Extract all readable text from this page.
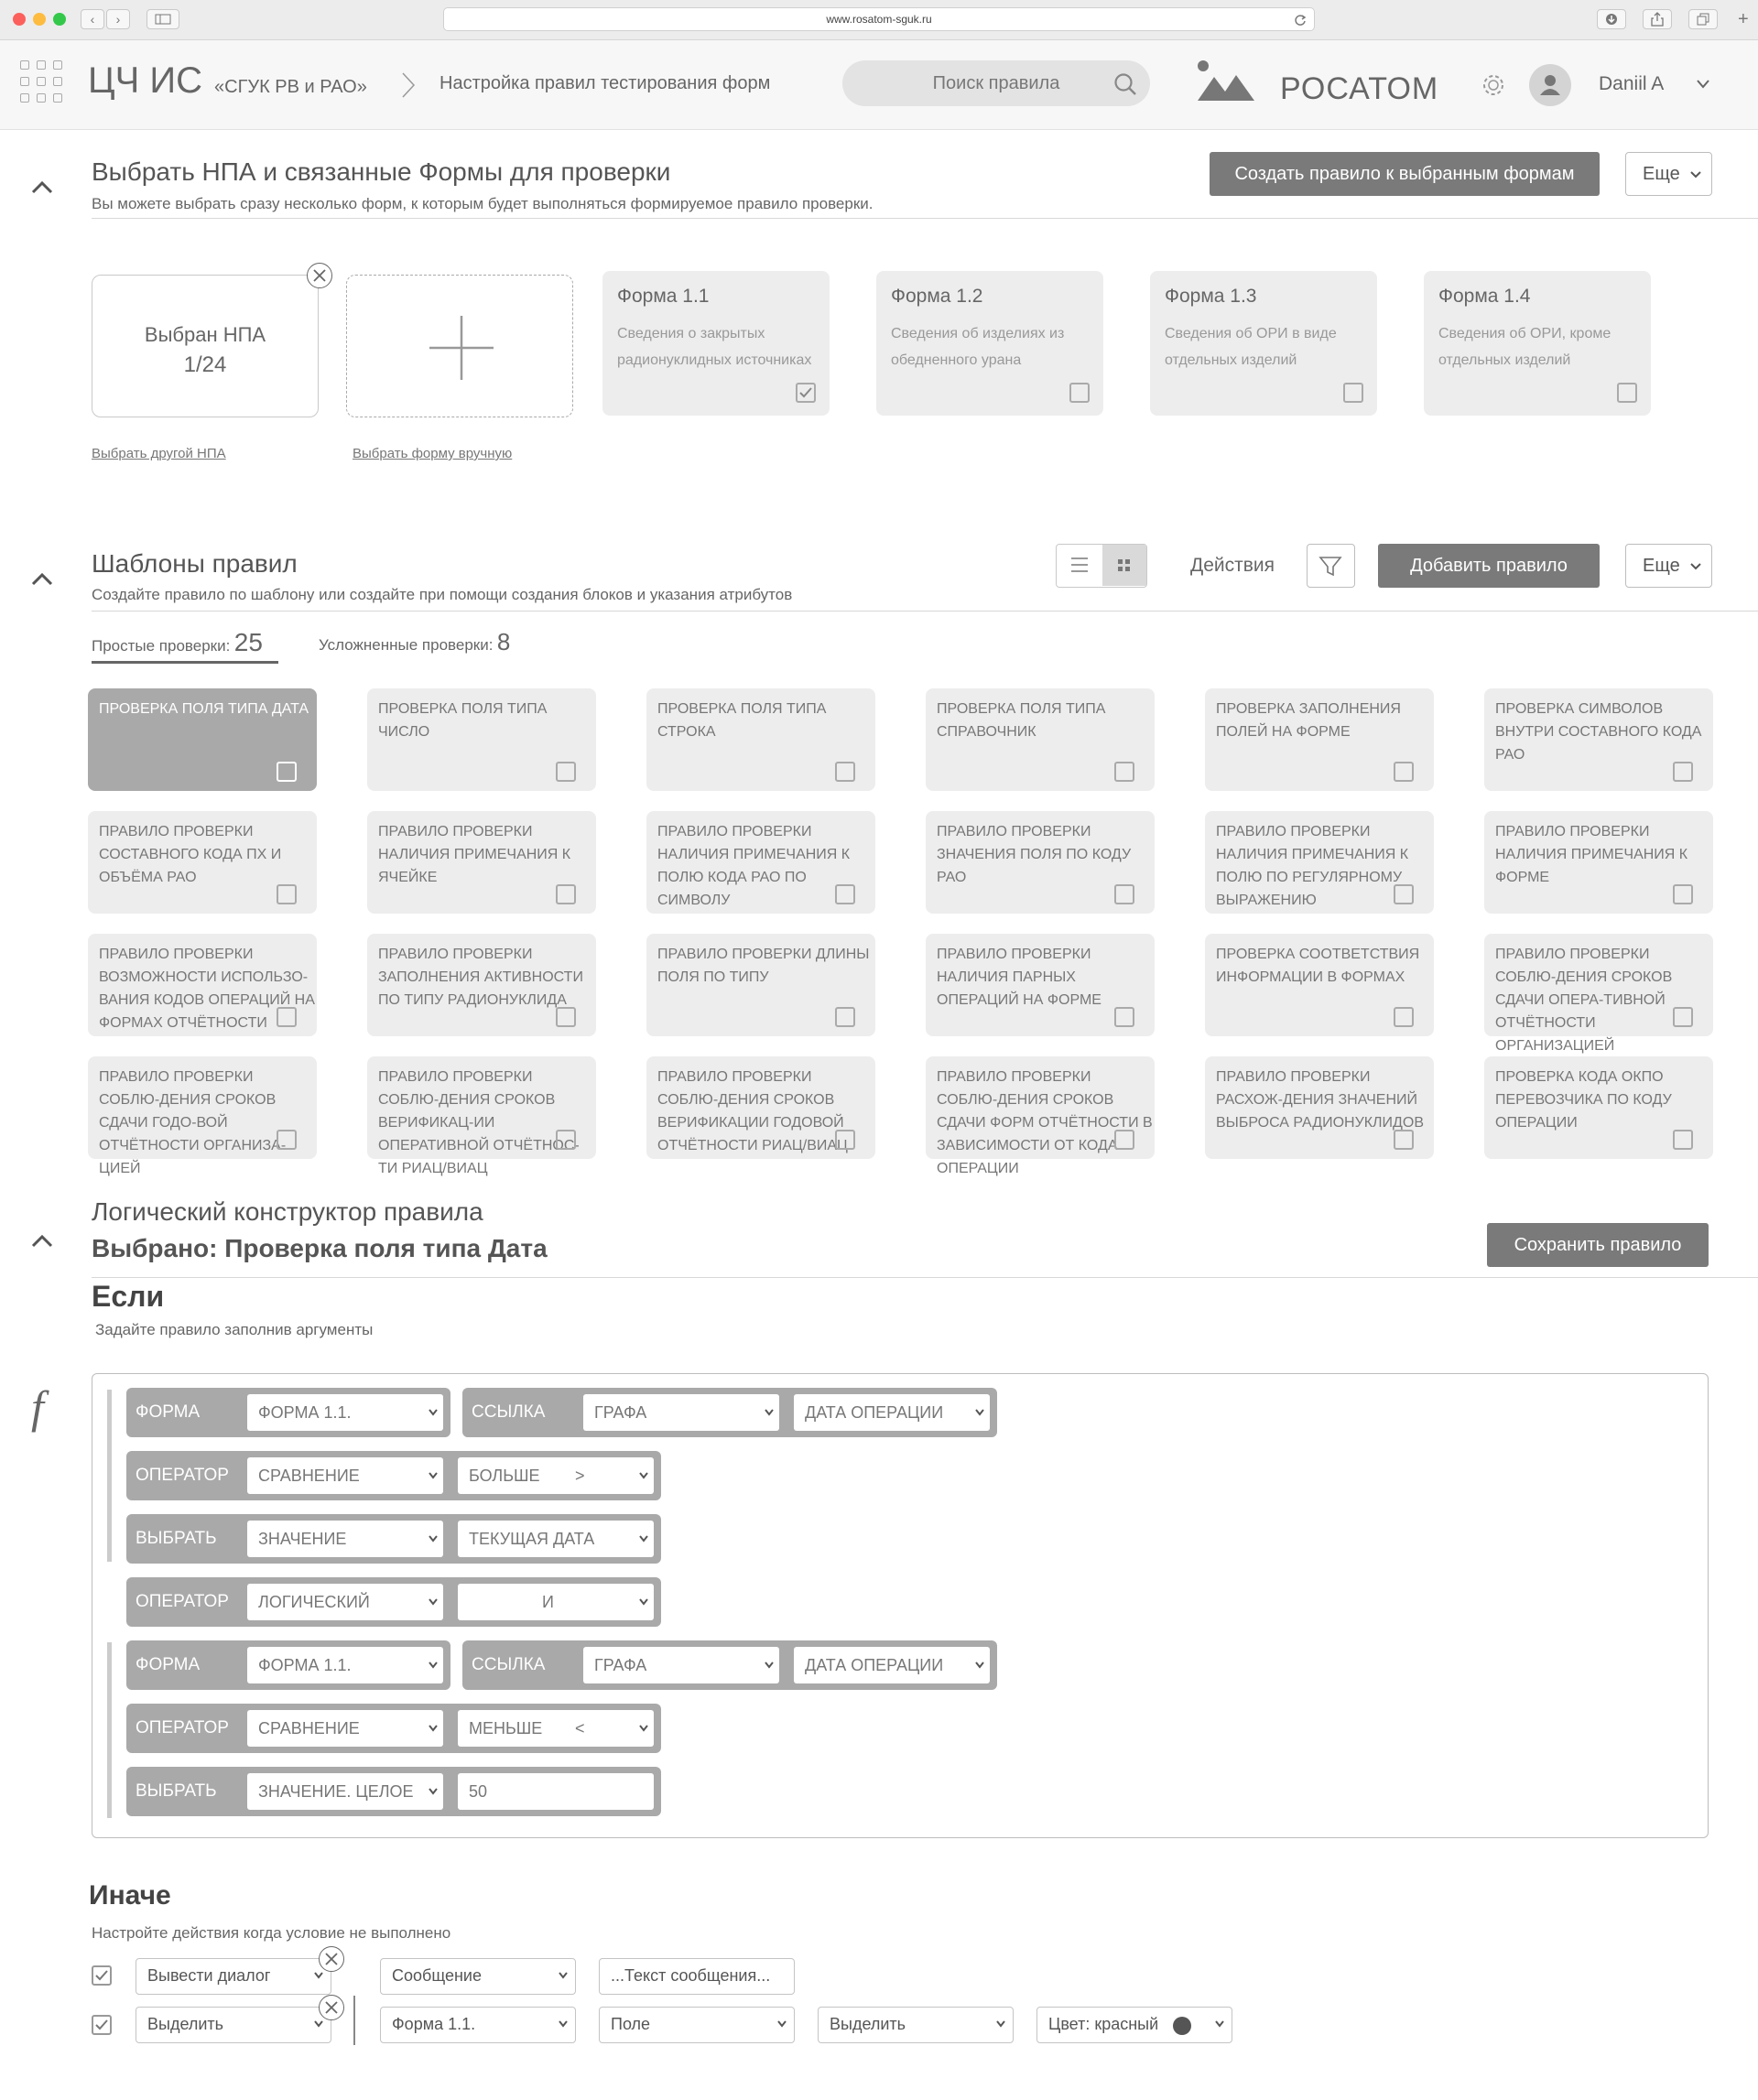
‹	›	www.rosatom-sguk.ru	+
ЦЧ ИС «СГУК РВ и РАО»	Настройка правил тестирования форм	Поиск правила	РОСАТОМ	Daniil A
Выбрать НПА и связанные Формы для проверки
Вы можете выбрать сразу несколько форм, к которым будет выполняться формируемое правило проверки.
Создать правило к выбранным формам	Еще
Выбран НПА
1/24
Выбрать другой НПА	Выбрать форму вручную
Форма 1.1
Сведения о закрытых радионуклидных источниках
Форма 1.2
Сведения об изделиях из обедненного урана
Форма 1.3
Сведения об ОРИ в виде отдельных изделий
Форма 1.4
Сведения об ОРИ, кроме отдельных изделий
Шаблоны правил
Создайте правило по шаблону или создайте при помощи создания блоков и указания атрибутов
Действия	Добавить правило	Еще
Простые проверки: 25	Усложненные проверки: 8
ПРОВЕРКА ПОЛЯ ТИПА ДАТА	ПРОВЕРКА ПОЛЯ ТИПА ЧИСЛО
ПРОВЕРКА ПОЛЯ ТИПА СТРОКА
ПРОВЕРКА ПОЛЯ ТИПА СПРАВОЧНИК
ПРОВЕРКА ЗАПОЛНЕНИЯ ПОЛЕЙ НА ФОРМЕ
ПРОВЕРКА СИМВОЛОВ ВНУТРИ СОСТАВНОГО КОДА РАО
ПРАВИЛО ПРОВЕРКИ СОСТАВНОГО КОДА ПХ И ОБЪЁМА РАО
ПРАВИЛО ПРОВЕРКИ НАЛИЧИЯ ПРИМЕЧАНИЯ К ЯЧЕЙКЕ
ПРАВИЛО ПРОВЕРКИ НАЛИЧИЯ ПРИМЕЧАНИЯ К ПОЛЮ КОДА РАО ПО СИМВОЛУ
ПРАВИЛО ПРОВЕРКИ ЗНАЧЕНИЯ ПОЛЯ ПО КОДУ РАО
ПРАВИЛО ПРОВЕРКИ НАЛИЧИЯ ПРИМЕЧАНИЯ К ПОЛЮ ПО РЕГУЛЯРНОМУ ВЫРАЖЕНИЮ
ПРАВИЛО ПРОВЕРКИ НАЛИЧИЯ ПРИМЕЧАНИЯ К ФОРМЕ
ПРАВИЛО ПРОВЕРКИ ВОЗМОЖНОСТИ ИСПОЛЬЗО-ВАНИЯ КОДОВ ОПЕРАЦИЙ НА ФОРМАХ ОТЧЁТНОСТИ
ПРАВИЛО ПРОВЕРКИ ЗАПОЛНЕНИЯ АКТИВНОСТИ ПО ТИПУ РАДИОНУКЛИДА
ПРАВИЛО ПРОВЕРКИ ДЛИНЫ ПОЛЯ ПО ТИПУ
ПРАВИЛО ПРОВЕРКИ НАЛИЧИЯ ПАРНЫХ ОПЕРАЦИЙ НА ФОРМЕ
ПРОВЕРКА СООТВЕТСТВИЯ ИНФОРМАЦИИ В ФОРМАХ
ПРАВИЛО ПРОВЕРКИ СОБЛЮ-ДЕНИЯ СРОКОВ СДАЧИ ОПЕРА-ТИВНОЙ ОТЧЁТНОСТИ ОРГАНИЗАЦИЕЙ
ПРАВИЛО ПРОВЕРКИ СОБЛЮ-ДЕНИЯ СРОКОВ СДАЧИ ГОДО-ВОЙ ОТЧЁТНОСТИ ОРГАНИЗА-ЦИЕЙ
ПРАВИЛО ПРОВЕРКИ СОБЛЮ-ДЕНИЯ СРОКОВ ВЕРИФИКАЦ-ИИ ОПЕРАТИВНОЙ ОТЧЁТНОС-ТИ РИАЦ/ВИАЦ
ПРАВИЛО ПРОВЕРКИ СОБЛЮ-ДЕНИЯ СРОКОВ ВЕРИФИКАЦИИ ГОДОВОЙ ОТЧЁТНОСТИ РИАЦ/ВИАЦ
ПРАВИЛО ПРОВЕРКИ СОБЛЮ-ДЕНИЯ СРОКОВ СДАЧИ ФОРМ ОТЧЁТНОСТИ В ЗАВИСИМОСТИ ОТ КОДА ОПЕРАЦИИ
ПРАВИЛО ПРОВЕРКИ РАСХОЖ-ДЕНИЯ ЗНАЧЕНИЙ ВЫБРОСА РАДИОНУКЛИДОВ
ПРОВЕРКА КОДА ОКПО ПЕРЕВОЗЧИКА ПО КОДУ ОПЕРАЦИИ
Логический конструктор правила
Выбрано: Проверка поля типа Дата	Сохранить правило
Если
Задайте правило заполнив аргументы
f	ФОРМА	ФОРМА 1.1.	ССЫЛКА	ГРАФА	ДАТА ОПЕРАЦИИ
ОПЕРАТОР	СРАВНЕНИЕ	БОЛЬШЕ >
ВЫБРАТЬ	ЗНАЧЕНИЕ	ТЕКУЩАЯ ДАТА
ОПЕРАТОР	ЛОГИЧЕСКИЙ	И
ФОРМА	ФОРМА 1.1.	ССЫЛКА	ГРАФА	ДАТА ОПЕРАЦИИ
ОПЕРАТОР	СРАВНЕНИЕ	МЕНЬШЕ <
ВЫБРАТЬ	ЗНАЧЕНИЕ. ЦЕЛОЕ	50
Иначе
Настройте действия когда условие не выполнено
Вывести диалог	Сообщение	...Текст сообщения...
Выделить	Форма 1.1.	Поле	Выделить	Цвет: красный
